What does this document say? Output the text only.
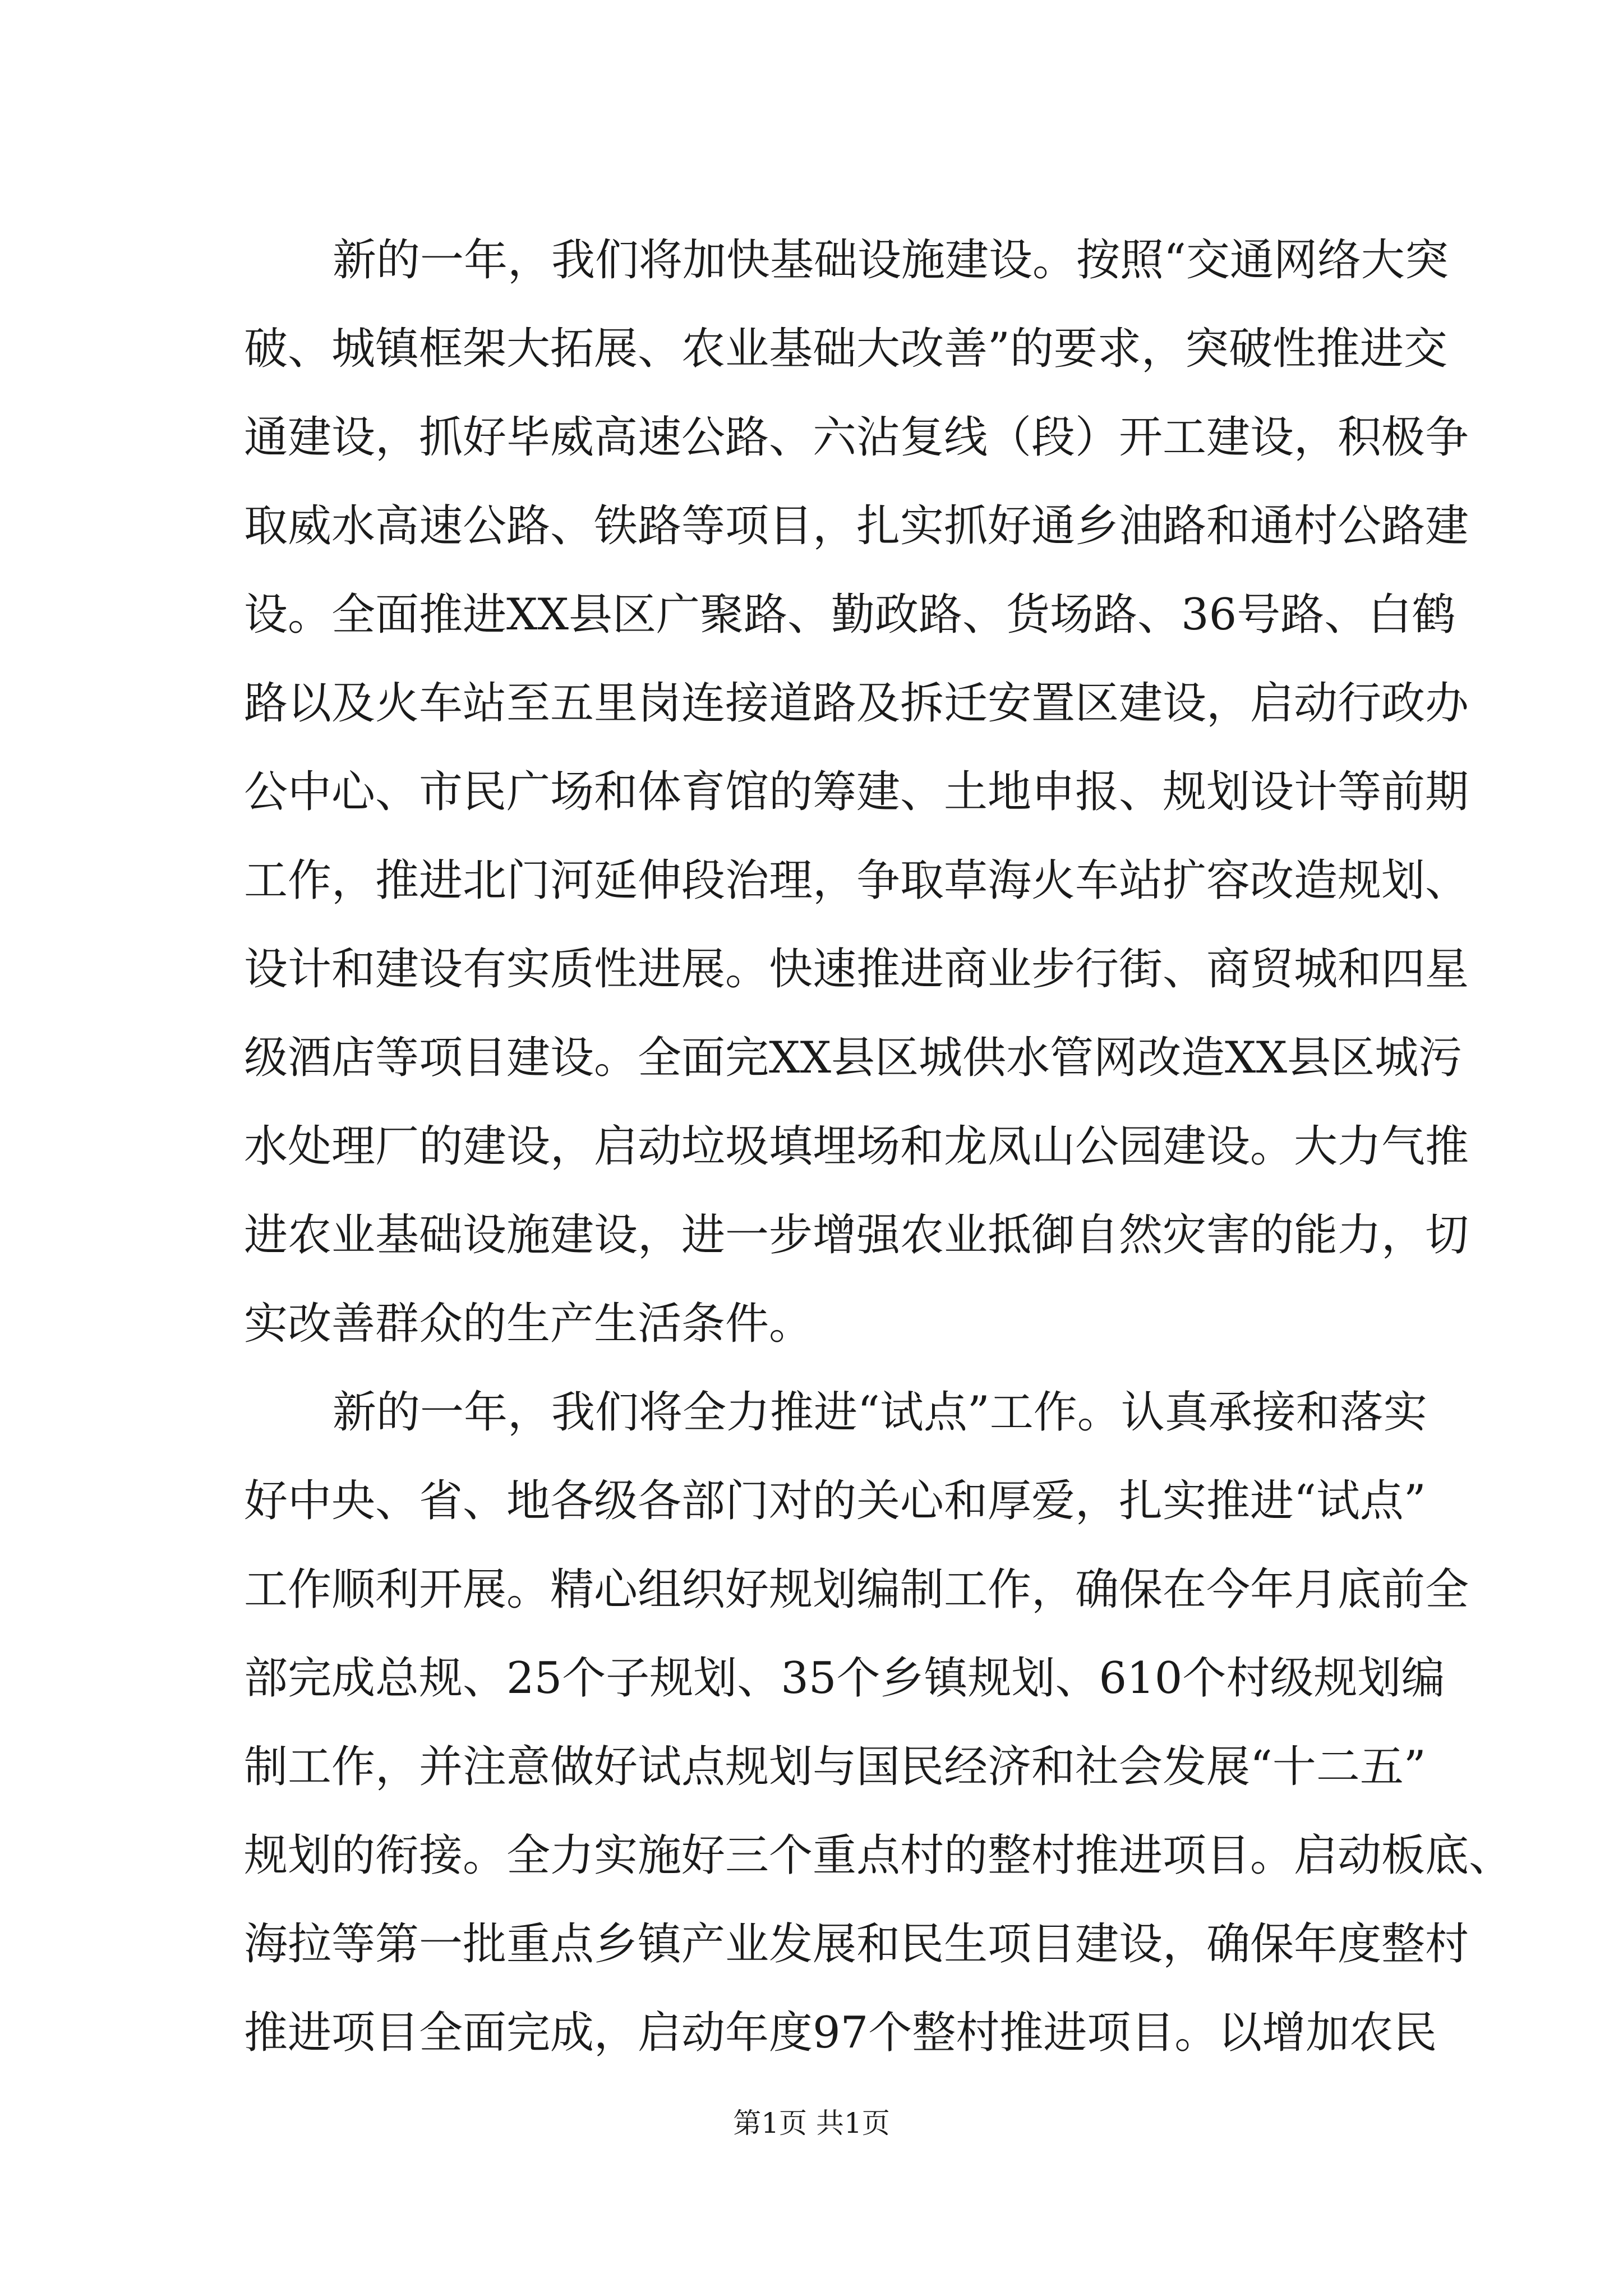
新的一年，我们将加快基础设施建设。按照“交通网络大突
破、城镇框架大拓展、农业基础大改善”的要求，突破性推进交
通建设，抓好毕威高速公路、六沾复线（段）开工建设，积极争
取威水高速公路、铁路等项目，扎实抓好通乡油路和通村公路建
设。全面推进XX县区广聚路、勤政路、货场路、36号路、白鹤
路以及火车站至五里岗连接道路及拆迁安置区建设，启动行政办
公中心、市民广场和体育馆的筹建、土地申报、规划设计等前期
工作，推进北门河延伸段治理，争取草海火车站扩容改造规划、
设计和建设有实质性进展。快速推进商业步行街、商贸城和四星
级酒店等项目建设。全面完XX县区城供水管网改造XX县区城污
水处理厂的建设，启动垃圾填埋场和龙凤山公园建设。大力气推
进农业基础设施建设，进一步增强农业抵御自然灾害的能力，切
实改善群众的生产生活条件。
新的一年，我们将全力推进“试点”工作。认真承接和落实
好中央、省、地各级各部门对的关心和厚爱，扎实推进“试点”
工作顺利开展。精心组织好规划编制工作，确保在今年月底前全
部完成总规、25个子规划、35个乡镇规划、610个村级规划编
制工作，并注意做好试点规划与国民经济和社会发展“十二五”
规划的衔接。全力实施好三个重点村的整村推进项目。启动板底、
海拉等第一批重点乡镇产业发展和民生项目建设，确保年度整村
推进项目全面完成，启动年度97个整村推进项目。以增加农民
第1页 共1页
